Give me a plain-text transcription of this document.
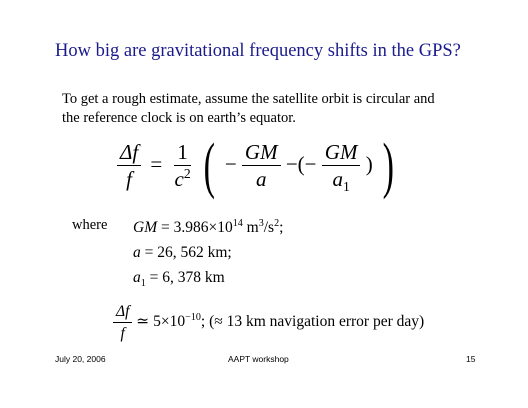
How big are gravitational frequency shifts in the GPS?
To get a rough estimate, assume the satellite orbit is circular and
the reference clock is on earth’s equator.
$\frac{\Delta f}{f} = \frac{1}{c^2}$ ( − $\frac{GM}{a}$ −(− $\frac{GM}{a_1}$ ) )
where GM = $3.986\times 10^{14}$ $m^3/s^2$;
a = 26, 562 km;
$a_1 = 6$, 378 km
$\frac{\Delta f}{f}$ ≃ $5\times 10^{-10}$; (≈ 13 km navigation error per day)
July 20, 2006	AAPT workshop	15
